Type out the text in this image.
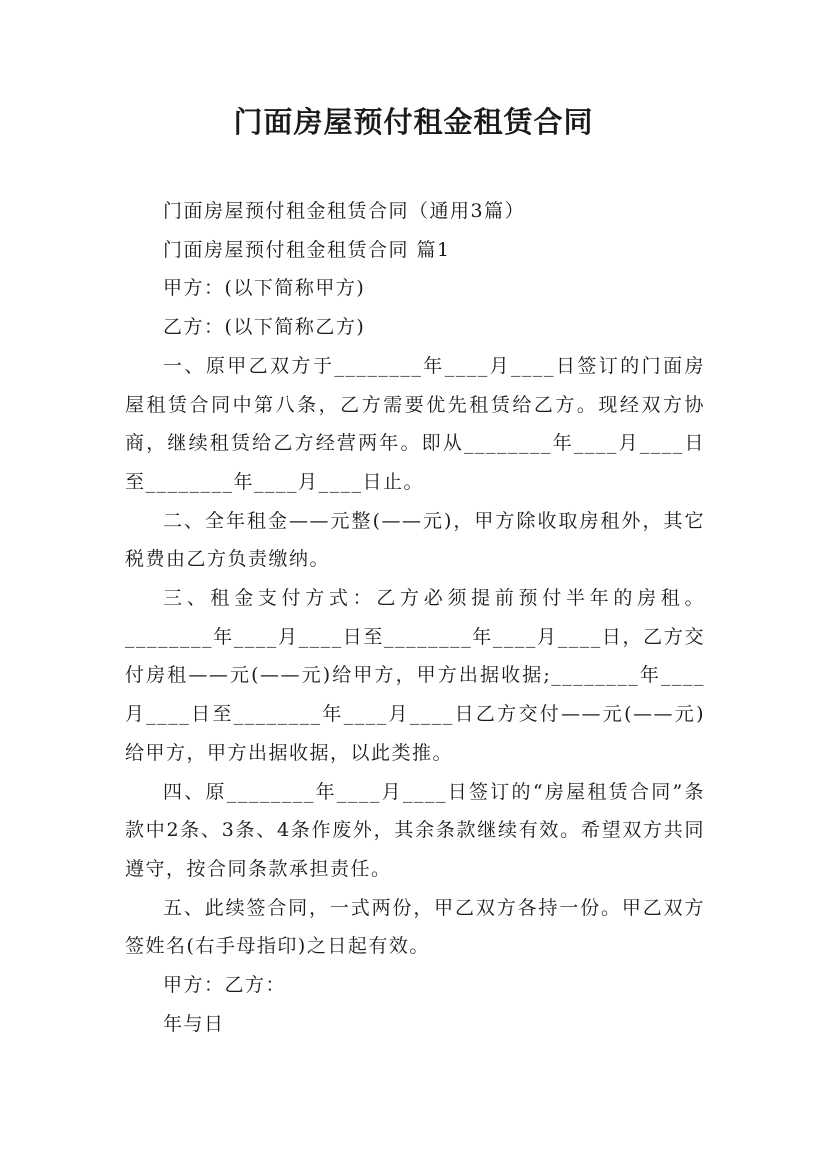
门面房屋预付租金租赁合同

门面房屋预付租金租赁合同（通用3篇）

门面房屋预付租金租赁合同 篇1

甲方：(以下简称甲方)

乙方：(以下简称乙方)

一、原甲乙双方于________年____月____日签订的门面房屋租赁合同中第八条，乙方需要优先租赁给乙方。现经双方协商，继续租赁给乙方经营两年。即从________年____月____日至________年____月____日止。

二、全年租金——元整(——元)，甲方除收取房租外，其它税费由乙方负责缴纳。

三、租金支付方式：乙方必须提前预付半年的房租。________年____月____日至________年____月____日，乙方交付房租——元(——元)给甲方，甲方出据收据;________年____月____日至________年____月____日乙方交付——元(——元)给甲方，甲方出据收据，以此类推。

四、原________年____月____日签订的“房屋租赁合同”条款中2条、3条、4条作废外，其余条款继续有效。希望双方共同遵守，按合同条款承担责任。

五、此续签合同，一式两份，甲乙双方各持一份。甲乙双方签姓名(右手母指印)之日起有效。

甲方：乙方：

年与日
